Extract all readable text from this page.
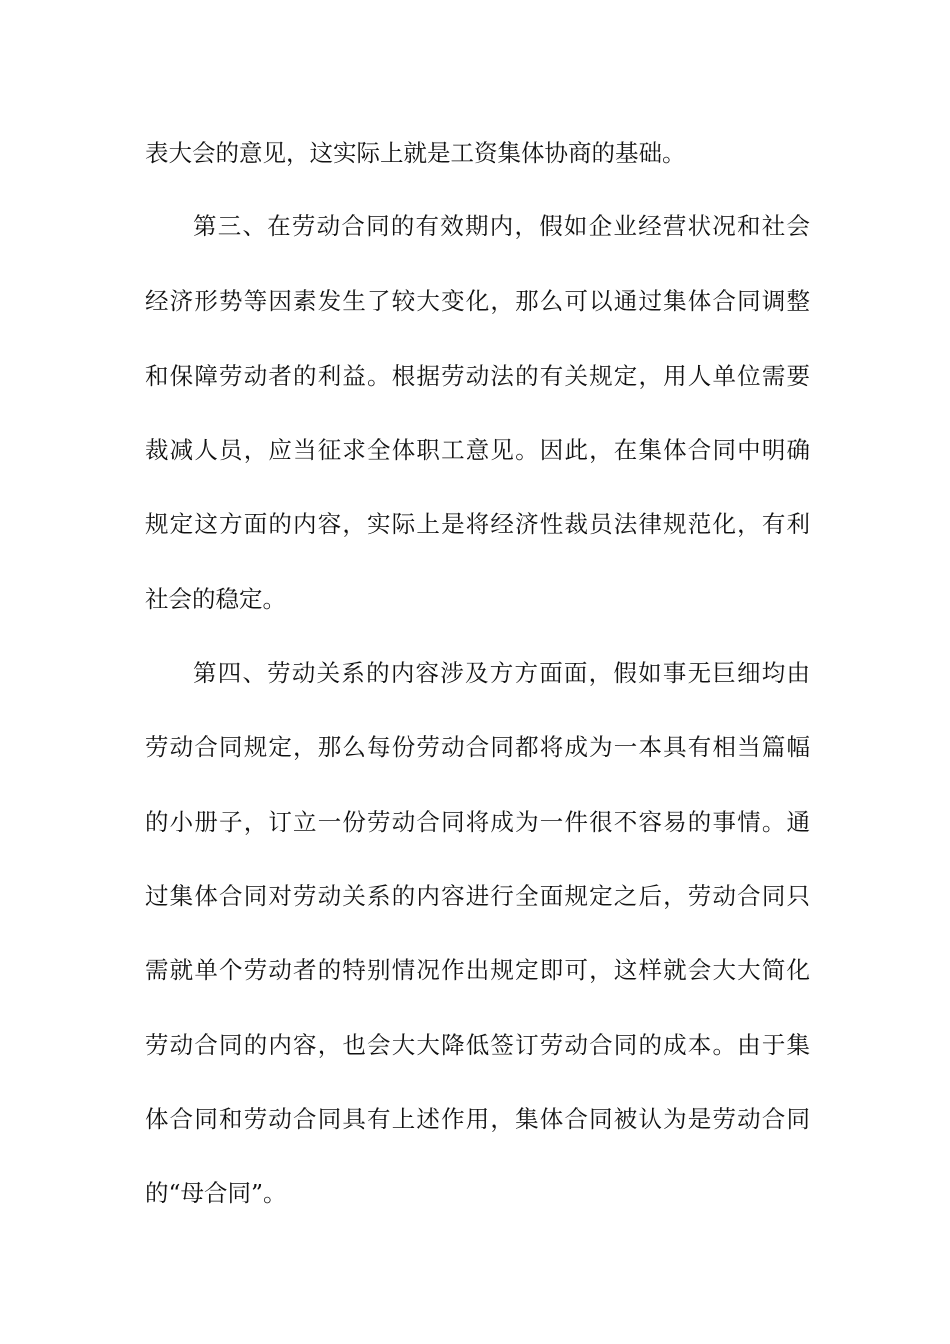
表大会的意见，这实际上就是工资集体协商的基础。
第三、在劳动合同的有效期内，假如企业经营状况和社会
经济形势等因素发生了较大变化，那么可以通过集体合同调整
和保障劳动者的利益。根据劳动法的有关规定，用人单位需要
裁减人员，应当征求全体职工意见。因此，在集体合同中明确
规定这方面的内容，实际上是将经济性裁员法律规范化，有利
社会的稳定。
第四、劳动关系的内容涉及方方面面，假如事无巨细均由
劳动合同规定，那么每份劳动合同都将成为一本具有相当篇幅
的小册子，订立一份劳动合同将成为一件很不容易的事情。通
过集体合同对劳动关系的内容进行全面规定之后，劳动合同只
需就单个劳动者的特别情况作出规定即可，这样就会大大简化
劳动合同的内容，也会大大降低签订劳动合同的成本。由于集
体合同和劳动合同具有上述作用，集体合同被认为是劳动合同
的“母合同”。
